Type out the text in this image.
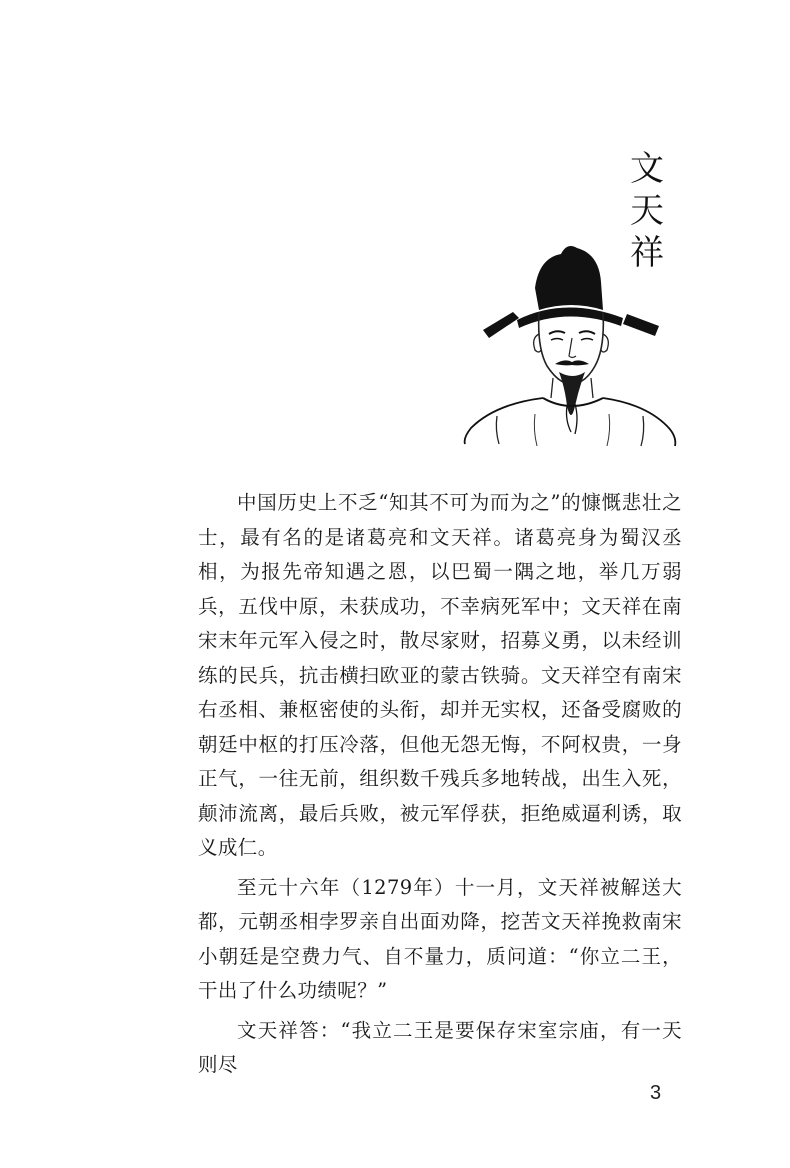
文
天
祥

中国历史上不乏“知其不可为而为之”的慷慨悲壮之士，最有名的是诸葛亮和文天祥。诸葛亮身为蜀汉丞相，为报先帝知遇之恩，以巴蜀一隅之地，举几万弱兵，五伐中原，未获成功，不幸病死军中；文天祥在南宋末年元军入侵之时，散尽家财，招募义勇，以未经训练的民兵，抗击横扫欧亚的蒙古铁骑。文天祥空有南宋右丞相、兼枢密使的头衔，却并无实权，还备受腐败的朝廷中枢的打压冷落，但他无怨无悔，不阿权贵，一身正气，一往无前，组织数千残兵多地转战，出生入死，颠沛流离，最后兵败，被元军俘获，拒绝威逼利诱，取义成仁。

至元十六年（1279年）十一月，文天祥被解送大都，元朝丞相孛罗亲自出面劝降，挖苦文天祥挽救南宋小朝廷是空费力气、自不量力，质问道：“你立二王，干出了什么功绩呢？”

文天祥答：“我立二王是要保存宋室宗庙，有一天则尽

3
